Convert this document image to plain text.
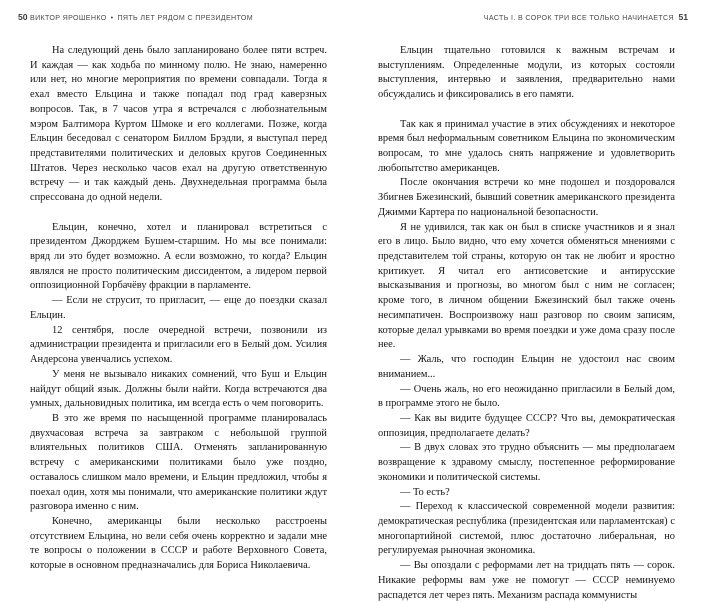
50 ВИКТОР ЯРОШЕНКО • ПЯТЬ ЛЕТ РЯДОМ С ПРЕЗИДЕНТОМ	ЧАСТЬ I. В СОРОК ТРИ ВСЕ ТОЛЬКО НАЧИНАЕТСЯ 51

На следующий день было запланировано более пяти встреч. И каждая — как ходьба по минному полю. Не знаю, намеренно или нет, но многие мероприятия по времени совпадали. Тогда я ехал вместо Ельцина и также попадал под град каверзных вопросов. Так, в 7 часов утра я встречался с любознательным мэром Балтимора Куртом Шмоке и его коллегами. Позже, когда Ельцин беседовал с сенатором Биллом Брэдли, я выступал перед представителями политических и деловых кругов Соединенных Штатов. Через несколько часов ехал на другую ответственную встречу — и так каждый день. Двухнедельная программа была спрессована до одной недели.

Ельцин, конечно, хотел и планировал встретиться с президентом Джорджем Бушем-старшим. Но мы все понимали: вряд ли это будет возможно. А если возможно, то когда? Ельцин являлся не просто политическим диссидентом, а лидером первой оппозиционной Горбачёву фракции в парламенте.

— Если не струсит, то пригласит, — еще до поездки сказал Ельцин.

12 сентября, после очередной встречи, позвонили из администрации президента и пригласили его в Белый дом. Усилия Андерсона увенчались успехом.

У меня не вызывало никаких сомнений, что Буш и Ельцин найдут общий язык. Должны были найти. Когда встречаются два умных, дальновидных политика, им всегда есть о чем поговорить.

В это же время по насыщенной программе планировалась двухчасовая встреча за завтраком с небольшой группой влиятельных политиков США. Отменять запланированную встречу с американскими политиками было уже поздно, оставалось слишком мало времени, и Ельцин предложил, чтобы я поехал один, хотя мы понимали, что американские политики ждут разговора именно с ним.

Конечно, американцы были несколько расстроены отсутствием Ельцина, но вели себя очень корректно и задали мне те вопросы о положении в СССР и работе Верховного Совета, которые в основном предназначались для Бориса Николаевича.

Ельцин тщательно готовился к важным встречам и выступлениям. Определенные модули, из которых состояли выступления, интервью и заявления, предварительно нами обсуждались и фиксировались в его памяти.

Так как я принимал участие в этих обсуждениях и некоторое время был неформальным советником Ельцина по экономическим вопросам, то мне удалось снять напряжение и удовлетворить любопытство американцев.

После окончания встречи ко мне подошел и поздоровался Збигнев Бжезинский, бывший советник американского президента Джимми Картера по национальной безопасности.

Я не удивился, так как он был в списке участников и я знал его в лицо. Было видно, что ему хочется обменяться мнениями с представителем той страны, которую он так не любит и яростно критикует. Я читал его антисоветские и антирусские высказывания и прогнозы, во многом был с ним не согласен; кроме того, в личном общении Бжезинский был также очень несимпатичен. Воспроизвожу наш разговор по своим записям, которые делал урывками во время поездки и уже дома сразу после нее.

— Жаль, что господин Ельцин не удостоил нас своим вниманием...

— Очень жаль, но его неожиданно пригласили в Белый дом, в программе этого не было.

— Как вы видите будущее СССР? Что вы, демократическая оппозиция, предполагаете делать?

— В двух словах это трудно объяснить — мы предполагаем возвращение к здравому смыслу, постепенное реформирование экономики и политической системы.

— То есть?

— Переход к классической современной модели развития: демократическая республика (президентская или парламентская) с многопартийной системой, плюс достаточно либеральная, но регулируемая рыночная экономика.

— Вы опоздали с реформами лет на тридцать пять — сорок. Никакие реформы вам уже не помогут — СССР неминуемо распадется лет через пять. Механизм распада коммунисты
